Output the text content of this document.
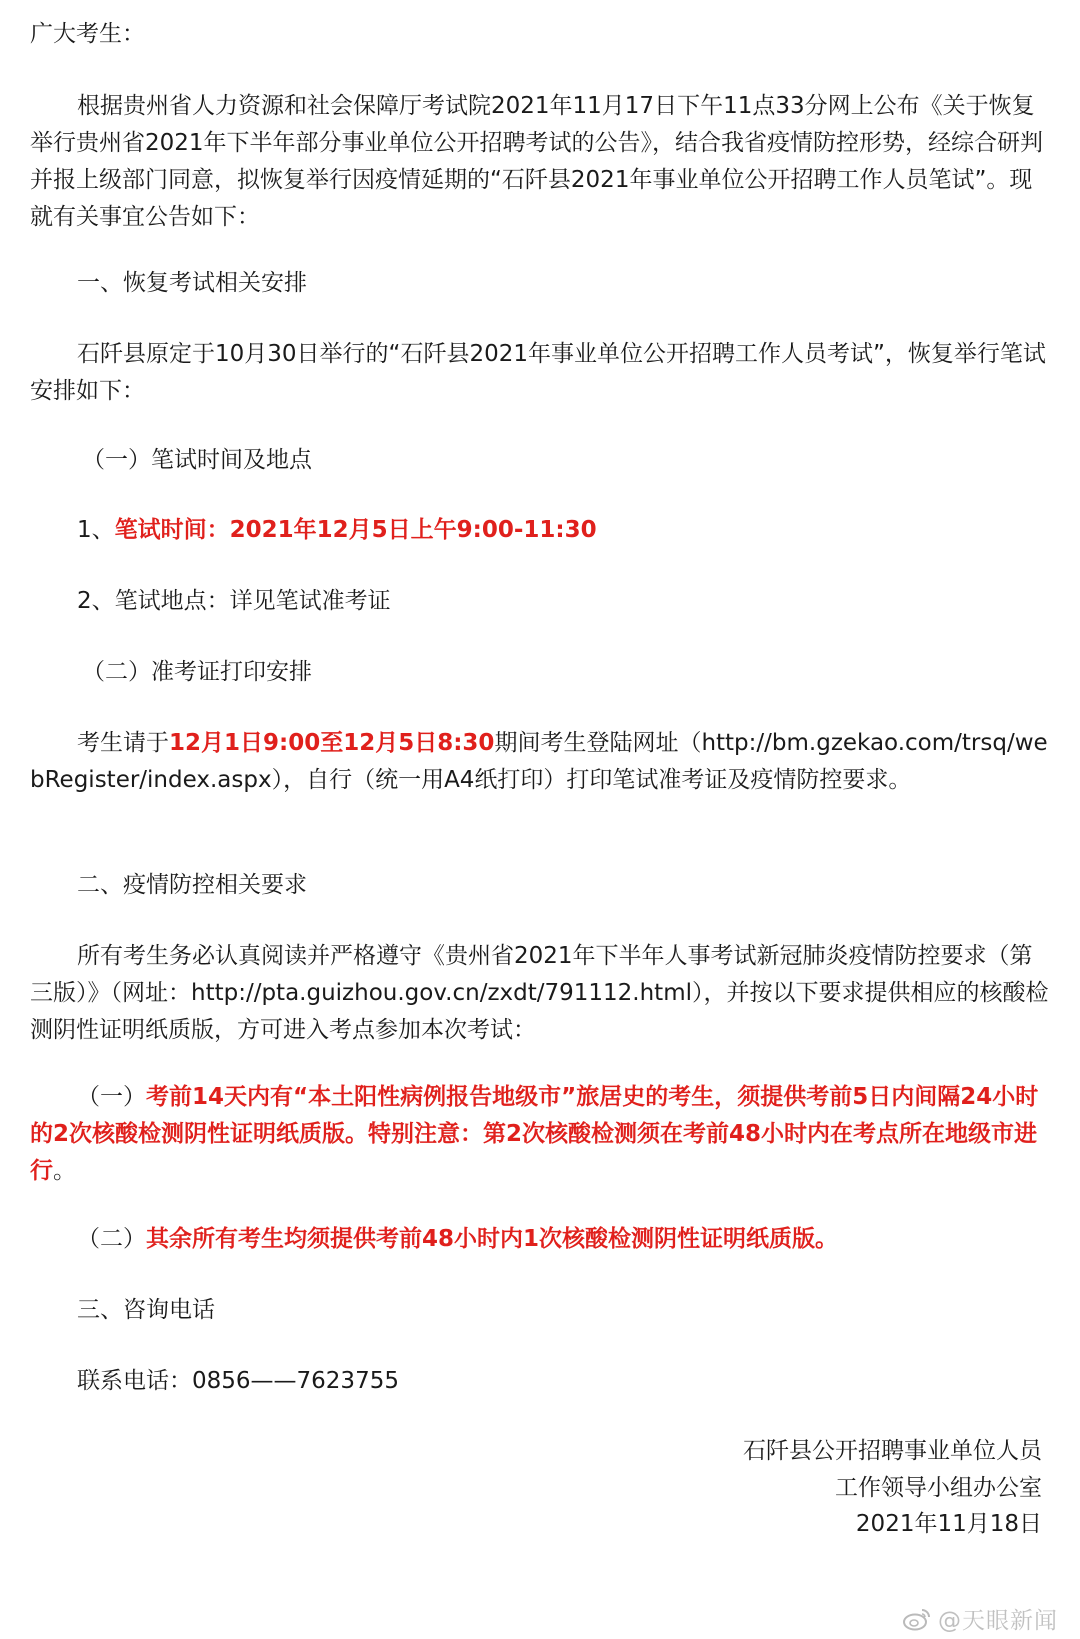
广大考生：

根据贵州省人力资源和社会保障厅考试院2021年11月17日下午11点33分网上公布《关于恢复举行贵州省2021年下半年部分事业单位公开招聘考试的公告》，结合我省疫情防控形势，经综合研判并报上级部门同意，拟恢复举行因疫情延期的“石阡县2021年事业单位公开招聘工作人员笔试”。现就有关事宜公告如下：

一、恢复考试相关安排

石阡县原定于10月30日举行的“石阡县2021年事业单位公开招聘工作人员考试”，恢复举行笔试安排如下：

（一）笔试时间及地点

1、笔试时间：2021年12月5日上午9:00-11:30

2、笔试地点：详见笔试准考证

（二）准考证打印安排

考生请于12月1日9:00至12月5日8:30期间考生登陆网址（http://bm.gzekao.com/trsq/webRegister/index.aspx），自行（统一用A4纸打印）打印笔试准考证及疫情防控要求。

二、疫情防控相关要求

所有考生务必认真阅读并严格遵守《贵州省2021年下半年人事考试新冠肺炎疫情防控要求（第三版）》（网址：http://pta.guizhou.gov.cn/zxdt/791112.html），并按以下要求提供相应的核酸检测阴性证明纸质版，方可进入考点参加本次考试：

（一）考前14天内有“本土阳性病例报告地级市”旅居史的考生，须提供考前5日内间隔24小时的2次核酸检测阴性证明纸质版。特别注意：第2次核酸检测须在考前48小时内在考点所在地级市进行。

（二）其余所有考生均须提供考前48小时内1次核酸检测阴性证明纸质版。

三、咨询电话

联系电话：0856——7623755

石阡县公开招聘事业单位人员
工作领导小组办公室
2021年11月18日
@天眼新闻
